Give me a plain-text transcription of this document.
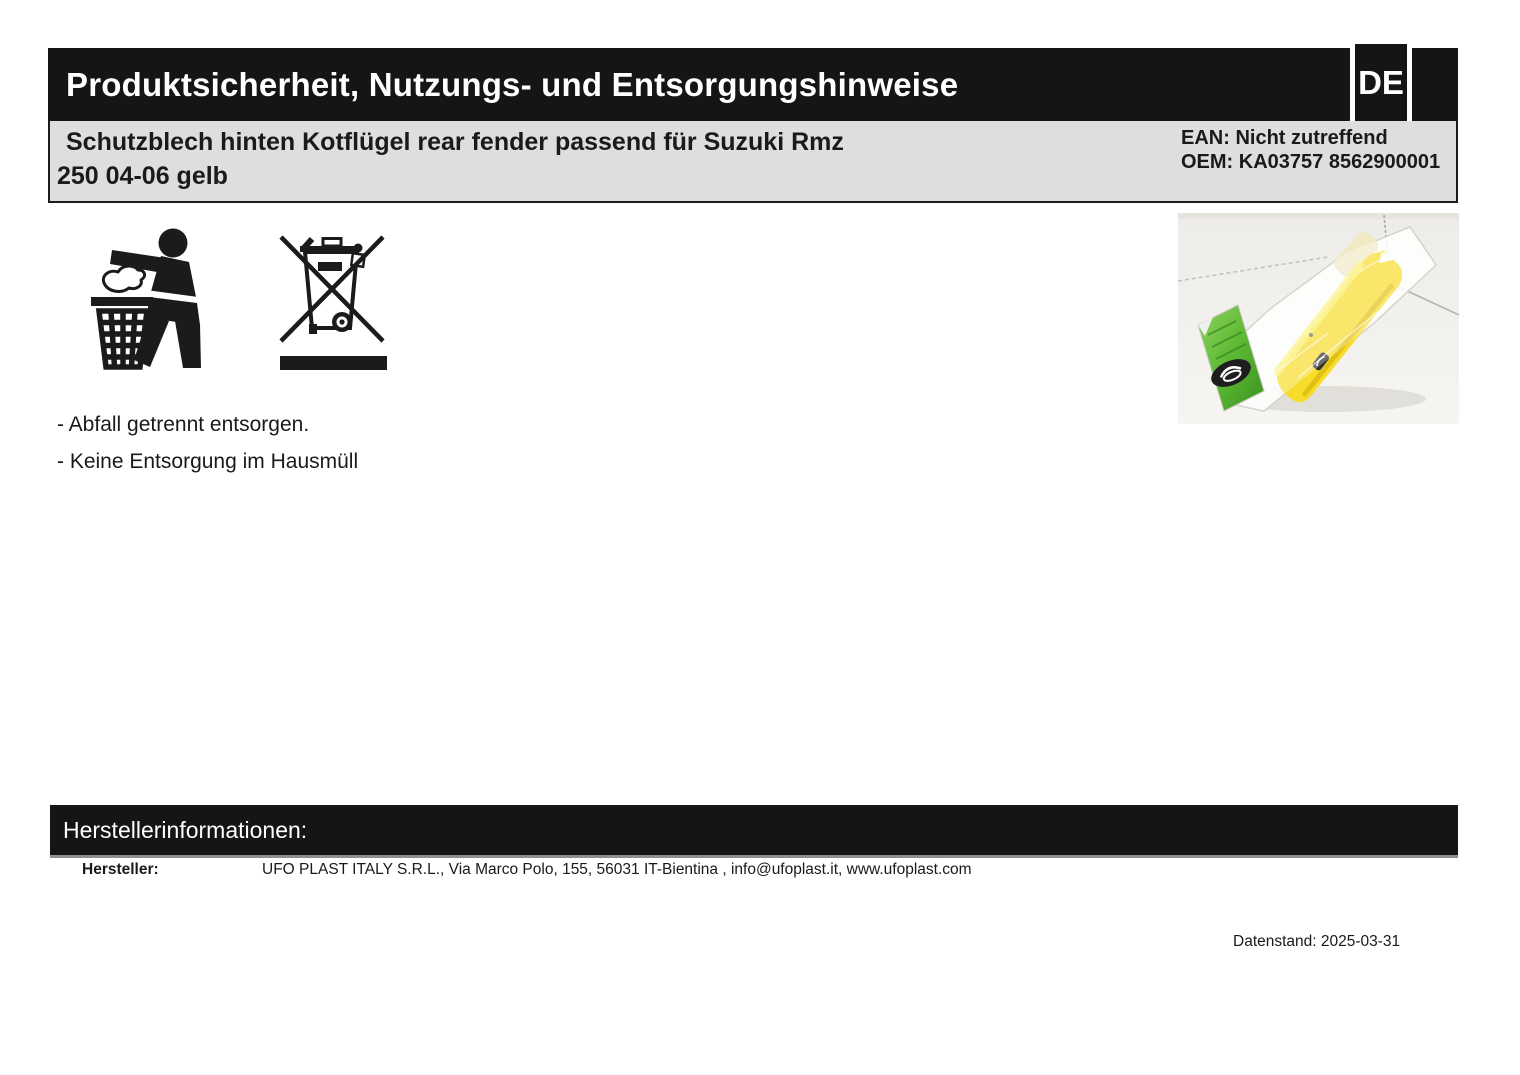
Produktsicherheit, Nutzungs- und Entsorgungshinweise	DE
Schutzblech hinten Kotflügel rear fender passend für Suzuki Rmz
250 04-06 gelb
EAN: Nicht zutreffend
OEM: KA03757 8562900001
- Abfall getrennt entsorgen.
- Keine Entsorgung im Hausmüll
Herstellerinformationen:
Hersteller:	UFO PLAST ITALY S.R.L., Via Marco Polo, 155, 56031 IT-Bientina , info@ufoplast.it, www.ufoplast.com
Datenstand: 2025-03-31
